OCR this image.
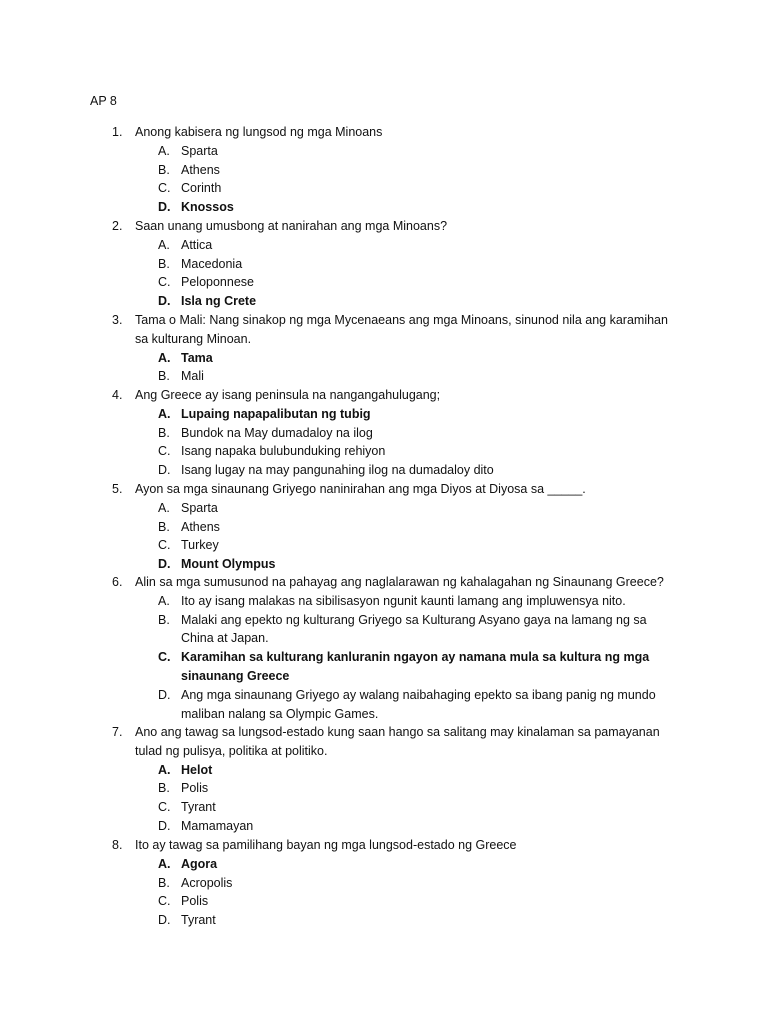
AP 8
1. Anong kabisera ng lungsod ng mga Minoans
A. Sparta
B. Athens
C. Corinth
D. Knossos
2. Saan unang umusbong at nanirahan ang mga Minoans?
A. Attica
B. Macedonia
C. Peloponnese
D. Isla ng Crete
3. Tama o Mali: Nang sinakop ng mga Mycenaeans ang mga Minoans, sinunod nila ang karamihan sa kulturang Minoan.
A. Tama
B. Mali
4. Ang Greece ay isang peninsula na nangangahulugang;
A. Lupaing napapalibutan ng tubig
B. Bundok na May dumadaloy na ilog
C. Isang napaka bulubunduking rehiyon
D. Isang lugay na may pangunahing ilog na dumadaloy dito
5. Ayon sa mga sinaunang Griyego naninirahan ang mga Diyos at Diyosa sa _____.
A. Sparta
B. Athens
C. Turkey
D. Mount Olympus
6. Alin sa mga sumusunod na pahayag ang naglalarawan ng kahalagahan ng Sinaunang Greece?
A. Ito ay isang malakas na sibilisasyon ngunit kaunti lamang ang impluwensya nito.
B. Malaki ang epekto ng kulturang Griyego sa Kulturang Asyano gaya na lamang ng sa China at Japan.
C. Karamihan sa kulturang kanluranin ngayon ay namana mula sa kultura ng mga sinaunang Greece
D. Ang mga sinaunang Griyego ay walang naibahaging epekto sa ibang panig ng mundo maliban nalang sa Olympic Games.
7. Ano ang tawag sa lungsod-estado kung saan hango sa salitang may kinalaman sa pamayanan tulad ng pulisya, politika at politiko.
A. Helot
B. Polis
C. Tyrant
D. Mamamayan
8. Ito ay tawag sa pamilihang bayan ng mga lungsod-estado ng Greece
A. Agora
B. Acropolis
C. Polis
D. Tyrant
